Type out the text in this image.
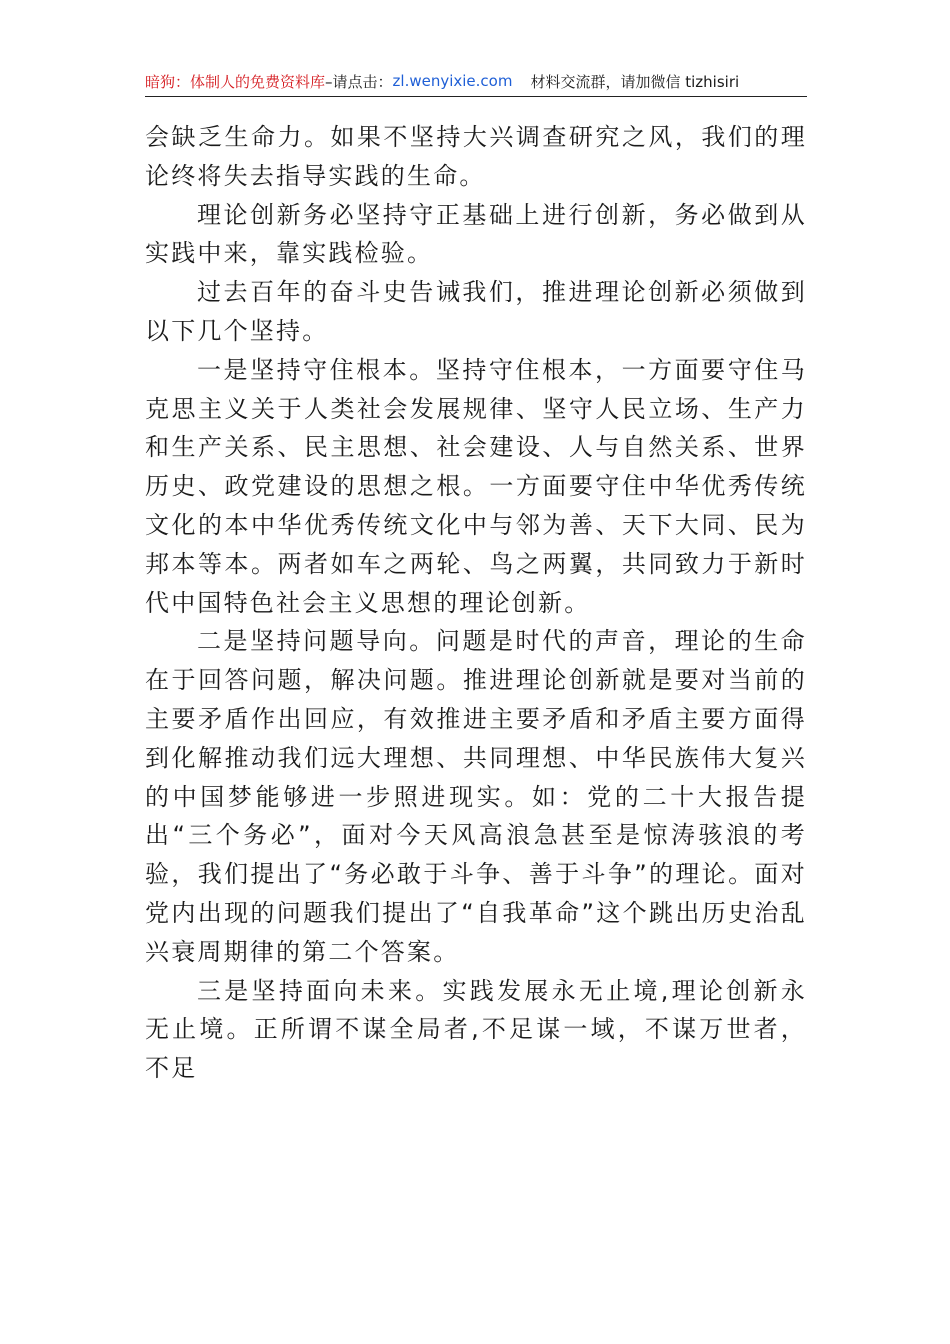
暗狗：体制人的免费资料库 –请点击： zl.wenyixie.com 材料交流群，请加微信 tizhisiri

会缺乏生命力。如果不坚持大兴调查研究之风，我们的理论终将失去指导实践的生命。

理论创新务必坚持守正基础上进行创新，务必做到从实践中来，靠实践检验。

过去百年的奋斗史告诫我们，推进理论创新必须做到以下几个坚持。

一是坚持守住根本。坚持守住根本，一方面要守住马克思主义关于人类社会发展规律、坚守人民立场、生产力和生产关系、民主思想、社会建设、人与自然关系、世界历史、政党建设的思想之根。一方面要守住中华优秀传统文化的本中华优秀传统文化中与邻为善、天下大同、民为邦本等本。两者如车之两轮、鸟之两翼，共同致力于新时代中国特色社会主义思想的理论创新。

二是坚持问题导向。问题是时代的声音，理论的生命在于回答问题，解决问题。推进理论创新就是要对当前的主要矛盾作出回应，有效推进主要矛盾和矛盾主要方面得到化解推动我们远大理想、共同理想、中华民族伟大复兴的中国梦能够进一步照进现实。如：党的二十大报告提出“三个务必”，面对今天风高浪急甚至是惊涛骇浪的考验，我们提出了“务必敢于斗争、善于斗争”的理论。面对党内出现的问题我们提出了“自我革命”这个跳出历史治乱兴衰周期律的第二个答案。

三是坚持面向未来。实践发展永无止境,理论创新永无止境。正所谓不谋全局者,不足谋一域，不谋万世者，不足
